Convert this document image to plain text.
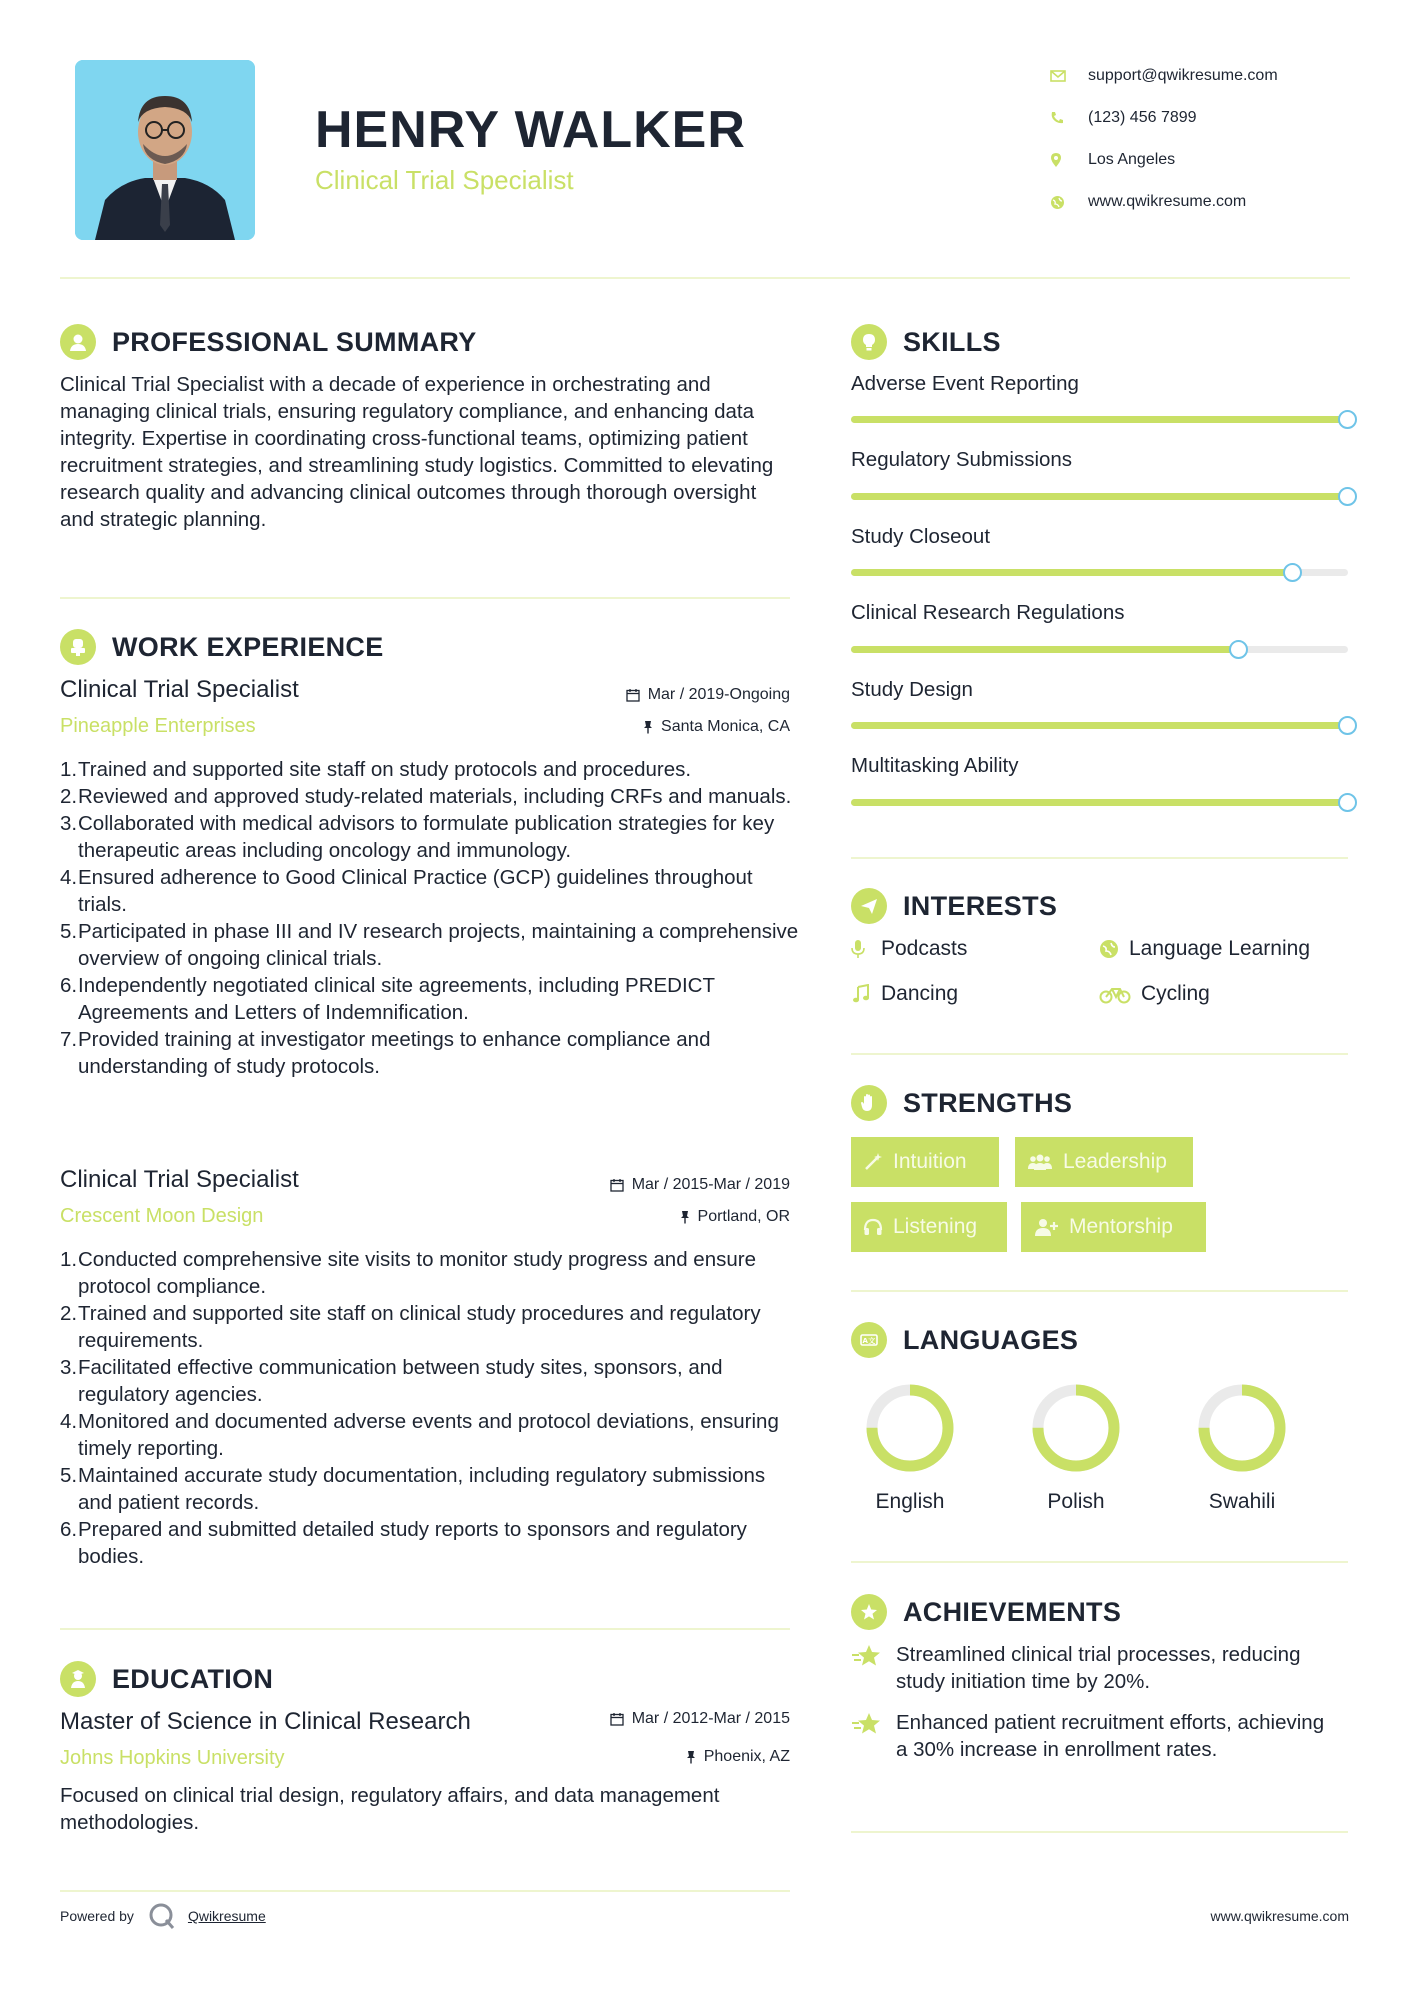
HENRY WALKER
Clinical Trial Specialist
support@qwikresume.com
(123) 456 7899
Los Angeles
www.qwikresume.com
PROFESSIONAL SUMMARY
Clinical Trial Specialist with a decade of experience in orchestrating and managing clinical trials, ensuring regulatory compliance, and enhancing data integrity. Expertise in coordinating cross-functional teams, optimizing patient recruitment strategies, and streamlining study logistics. Committed to elevating research quality and advancing clinical outcomes through thorough oversight and strategic planning.
WORK EXPERIENCE
Clinical Trial Specialist	Mar / 2019-Ongoing
Pineapple Enterprises	Santa Monica, CA
Trained and supported site staff on study protocols and procedures.
Reviewed and approved study-related materials, including CRFs and manuals.
Collaborated with medical advisors to formulate publication strategies for key therapeutic areas including oncology and immunology.
Ensured adherence to Good Clinical Practice (GCP) guidelines throughout trials.
Participated in phase III and IV research projects, maintaining a comprehensive overview of ongoing clinical trials.
Independently negotiated clinical site agreements, including PREDICT Agreements and Letters of Indemnification.
Provided training at investigator meetings to enhance compliance and understanding of study protocols.
Clinical Trial Specialist	Mar / 2015-Mar / 2019
Crescent Moon Design	Portland, OR
Conducted comprehensive site visits to monitor study progress and ensure protocol compliance.
Trained and supported site staff on clinical study procedures and regulatory requirements.
Facilitated effective communication between study sites, sponsors, and regulatory agencies.
Monitored and documented adverse events and protocol deviations, ensuring timely reporting.
Maintained accurate study documentation, including regulatory submissions and patient records.
Prepared and submitted detailed study reports to sponsors and regulatory bodies.
EDUCATION
Master of Science in Clinical Research	Mar / 2012-Mar / 2015
Johns Hopkins University	Phoenix, AZ
Focused on clinical trial design, regulatory affairs, and data management methodologies.
SKILLS
Adverse Event Reporting
Regulatory Submissions
Study Closeout
Clinical Research Regulations
Study Design
Multitasking Ability
INTERESTS
Podcasts	Language Learning
Dancing	Cycling
STRENGTHS
Intuition	Leadership
Listening	Mentorship
A文 LANGUAGES
English	Polish	Swahili
ACHIEVEMENTS
Streamlined clinical trial processes, reducing study initiation time by 20%.
Enhanced patient recruitment efforts, achieving a 30% increase in enrollment rates.
Powered by	Qwikresume	www.qwikresume.com
